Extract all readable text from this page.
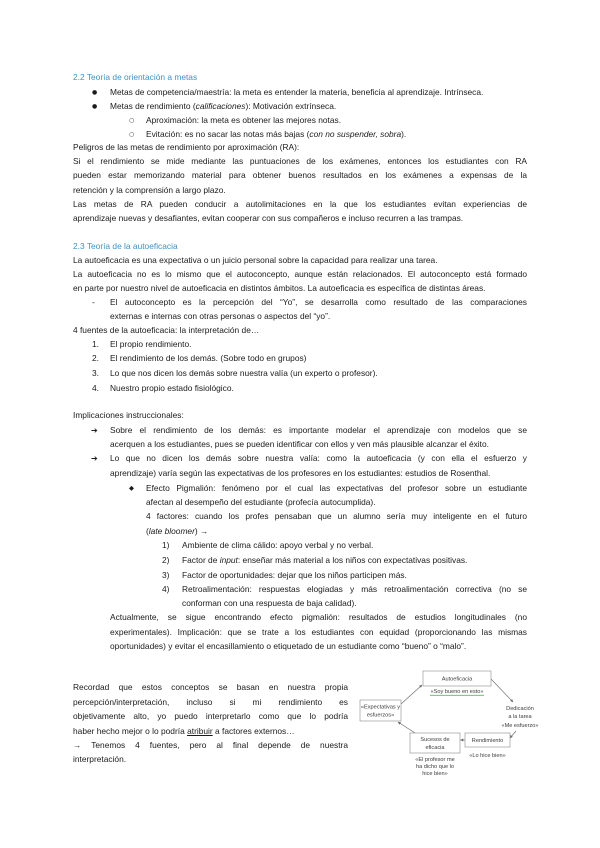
2.2 Teoría de orientación a metas
● Metas de competencia/maestría: la meta es entender la materia, beneficia al aprendizaje. Intrínseca.
● Metas de rendimiento (calificaciones): Motivación extrínseca.
○ Aproximación: la meta es obtener las mejores notas.
○ Evitación: es no sacar las notas más bajas (con no suspender, sobra).
Peligros de las metas de rendimiento por aproximación (RA):
Si el rendimiento se mide mediante las puntuaciones de los exámenes, entonces los estudiantes con RA
pueden estar memorizando material para obtener buenos resultados en los exámenes a expensas de la
retención y la comprensión a largo plazo.
Las metas de RA pueden conducir a autolimitaciones en la que los estudiantes evitan experiencias de
aprendizaje nuevas y desafiantes, evitan cooperar con sus compañeros e incluso recurren a las trampas.
2.3 Teoría de la autoeficacia
La autoeficacia es una expectativa o un juicio personal sobre la capacidad para realizar una tarea.
La autoeficacia no es lo mismo que el autoconcepto, aunque están relacionados. El autoconcepto está formado
en parte por nuestro nivel de autoeficacia en distintos ámbitos. La autoeficacia es específica de distintas áreas.
- El autoconcepto es la percepción del “Yo”, se desarrolla como resultado de las comparaciones
externas e internas con otras personas o aspectos del “yo”.
4 fuentes de la autoeficacia: la interpretación de…
1. El propio rendimiento.
2. El rendimiento de los demás. (Sobre todo en grupos)
3. Lo que nos dicen los demás sobre nuestra valía (un experto o profesor).
4. Nuestro propio estado fisiológico.
Implicaciones instruccionales:
➔ Sobre el rendimiento de los demás: es importante modelar el aprendizaje con modelos que se
acerquen a los estudiantes, pues se pueden identificar con ellos y ven más plausible alcanzar el éxito.
➔ Lo que no dicen los demás sobre nuestra valía: como la autoeficacia (y con ella el esfuerzo y
aprendizaje) varía según las expectativas de los profesores en los estudiantes: estudios de Rosenthal.
◆ Efecto Pigmalión: fenómeno por el cual las expectativas del profesor sobre un estudiante
afectan al desempeño del estudiante (profecía autocumplida).
4 factores: cuando los profes pensaban que un alumno sería muy inteligente en el futuro
(late bloomer) →
1) Ambiente de clima cálido: apoyo verbal y no verbal.
2) Factor de input: enseñar más material a los niños con expectativas positivas.
3) Factor de oportunidades: dejar que los niños participen más.
4) Retroalimentación: respuestas elogiadas y más retroalimentación correctiva (no se
conforman con una respuesta de baja calidad).
Actualmente, se sigue encontrando efecto pigmalión: resultados de estudios longitudinales (no
experimentales). Implicación: que se trate a los estudiantes con equidad (proporcionando las mismas
oportunidades) y evitar el encasillamiento o etiquetado de un estudiante como “bueno” o “malo”.
Recordad que estos conceptos se basan en nuestra propia
percepción/interpretación, incluso si mi rendimiento es
objetivamente alto, yo puedo interpretarlo como que lo podría
haber hecho mejor o lo podría atribuir a factores externos…
→ Tenemos 4 fuentes, pero al final depende de nuestra
interpretación.
Autoeficacia
«Soy bueno en esto»
«Expectativas y
esfuerzos»
Dedicación
a la tarea
«Me esfuerzo»
Rendimiento
«Lo hice bien»
Sucesos de
eficacia
«El profesor me
ha dicho que lo
hice bien»
